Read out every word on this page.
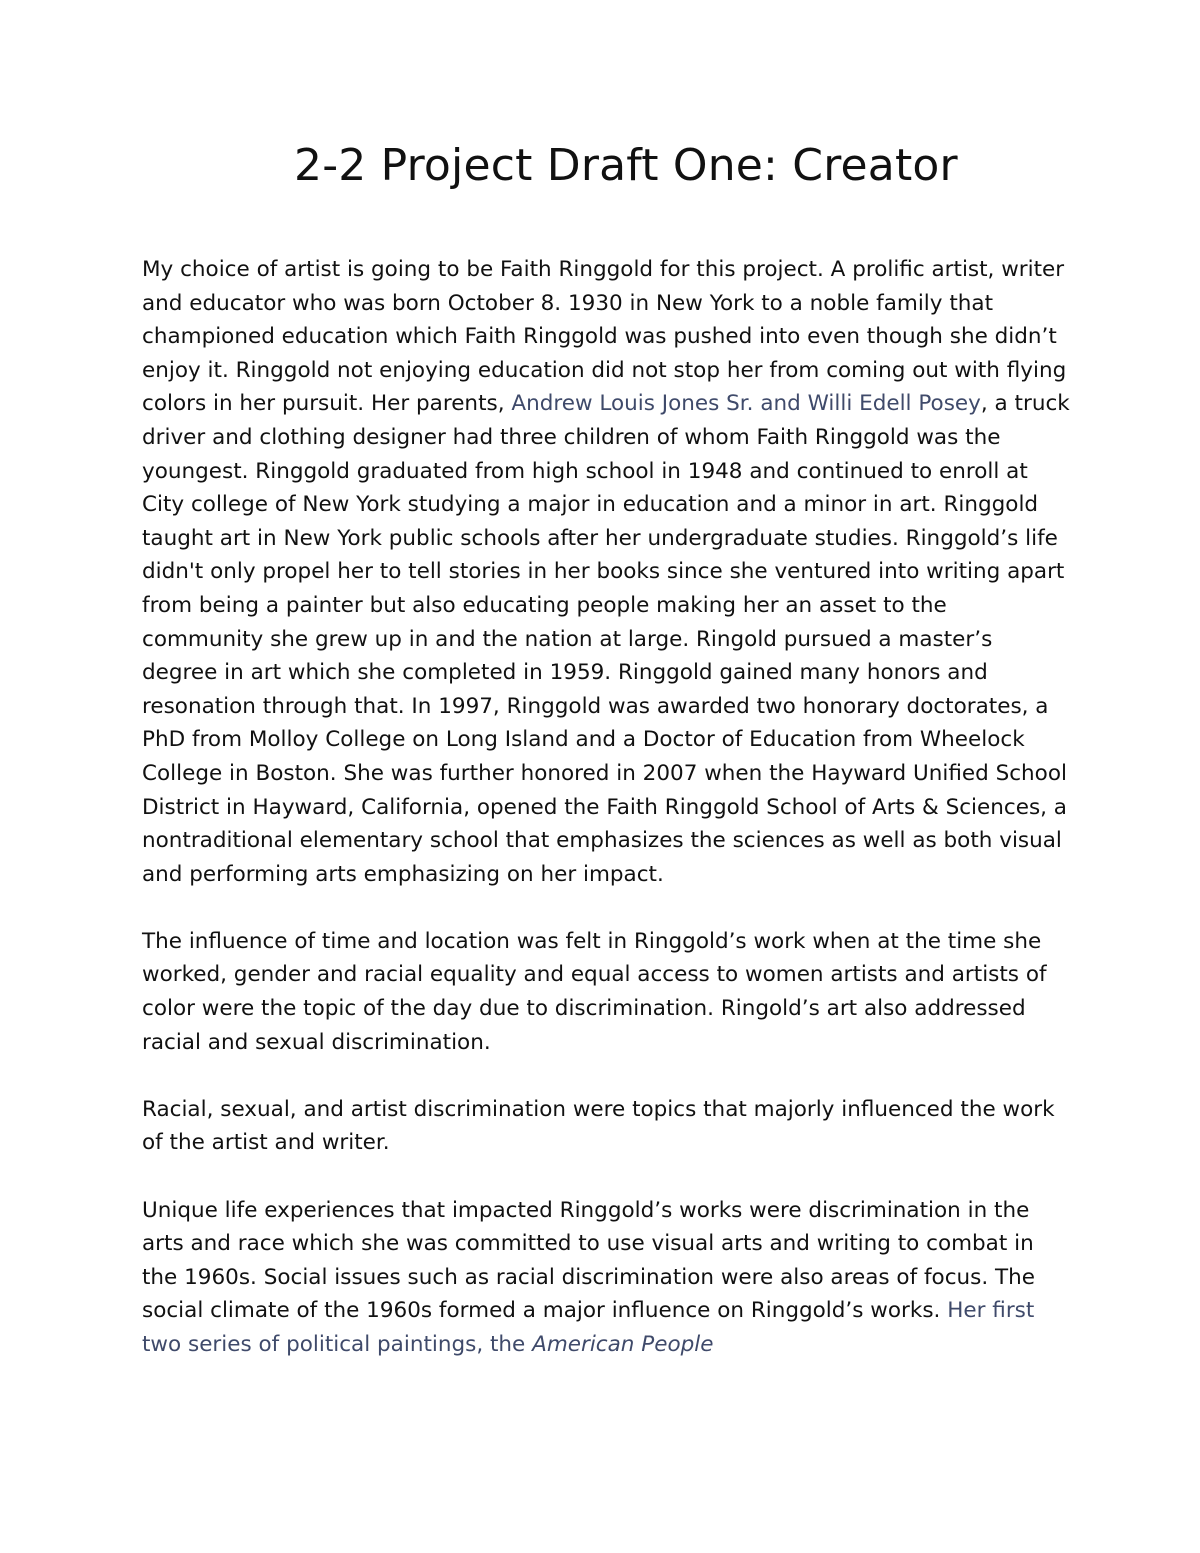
2-2 Project Draft One: Creator

My choice of artist is going to be Faith Ringgold for this project. A prolific artist, writer and educator who was born October 8. 1930 in New York to a noble family that championed education which Faith Ringgold was pushed into even though she didn’t enjoy it. Ringgold not enjoying education did not stop her from coming out with flying colors in her pursuit. Her parents, Andrew Louis Jones Sr. and Willi Edell Posey, a truck driver and clothing designer had three children of whom Faith Ringgold was the youngest. Ringgold graduated from high school in 1948 and continued to enroll at City college of New York studying a major in education and a minor in art. Ringgold taught art in New York public schools after her undergraduate studies. Ringgold’s life didn't only propel her to tell stories in her books since she ventured into writing apart from being a painter but also educating people making her an asset to the community she grew up in and the nation at large. Ringold pursued a master’s degree in art which she completed in 1959. Ringgold gained many honors and resonation through that. In 1997, Ringgold was awarded two honorary doctorates, a PhD from Molloy College on Long Island and a Doctor of Education from Wheelock College in Boston. She was further honored in 2007 when the Hayward Unified School District in Hayward, California, opened the Faith Ringgold School of Arts & Sciences, a nontraditional elementary school that emphasizes the sciences as well as both visual and performing arts emphasizing on her impact.

The influence of time and location was felt in Ringgold’s work when at the time she worked, gender and racial equality and equal access to women artists and artists of color were the topic of the day due to discrimination. Ringold’s art also addressed racial and sexual discrimination.

Racial, sexual, and artist discrimination were topics that majorly influenced the work of the artist and writer.

Unique life experiences that impacted Ringgold’s works were discrimination in the arts and race which she was committed to use visual arts and writing to combat in the 1960s. Social issues such as racial discrimination were also areas of focus. The social climate of the 1960s formed a major influence on Ringgold’s works. Her first two series of political paintings, the American People
